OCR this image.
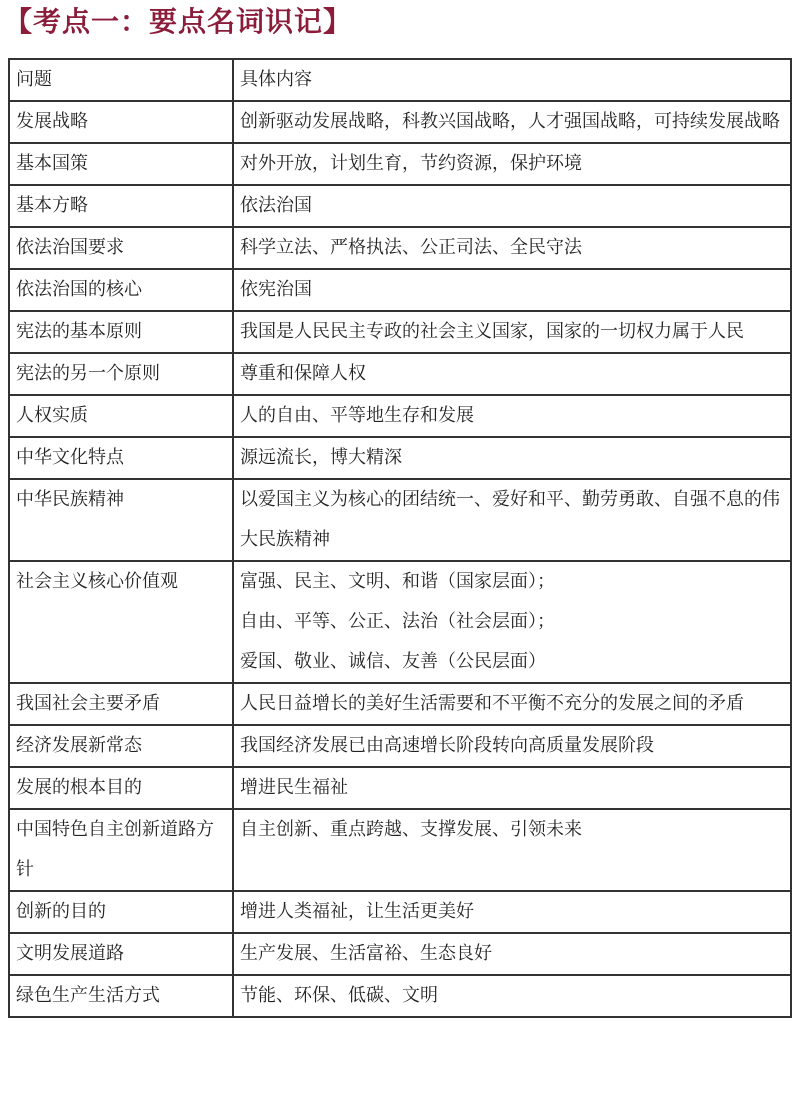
【考点一：要点名词识记】
问题	具体内容
发展战略	创新驱动发展战略，科教兴国战略，人才强国战略，可持续发展战略

基本国策	对外开放，计划生育，节约资源，保护环境

基本方略	依法治国

依法治国要求	科学立法、严格执法、公正司法、全民守法

依法治国的核心	依宪治国

宪法的基本原则	我国是人民民主专政的社会主义国家，国家的一切权力属于人民

宪法的另一个原则	尊重和保障人权

人权实质	人的自由、平等地生存和发展

中华文化特点	源远流长，博大精深

中华民族精神	以爱国主义为核心的团结统一、爱好和平、勤劳勇敢、自强不息的伟大民族精神

社会主义核心价值观	富强、民主、文明、和谐（国家层面）；
自由、平等、公正、法治（社会层面）；
爱国、敬业、诚信、友善（公民层面）

我国社会主要矛盾	人民日益增长的美好生活需要和不平衡不充分的发展之间的矛盾

经济发展新常态	我国经济发展已由高速增长阶段转向高质量发展阶段

发展的根本目的	增进民生福祉

中国特色自主创新道路方针	自主创新、重点跨越、支撑发展、引领未来

创新的目的	增进人类福祉，让生活更美好

文明发展道路	生产发展、生活富裕、生态良好

绿色生产生活方式	节能、环保、低碳、文明
